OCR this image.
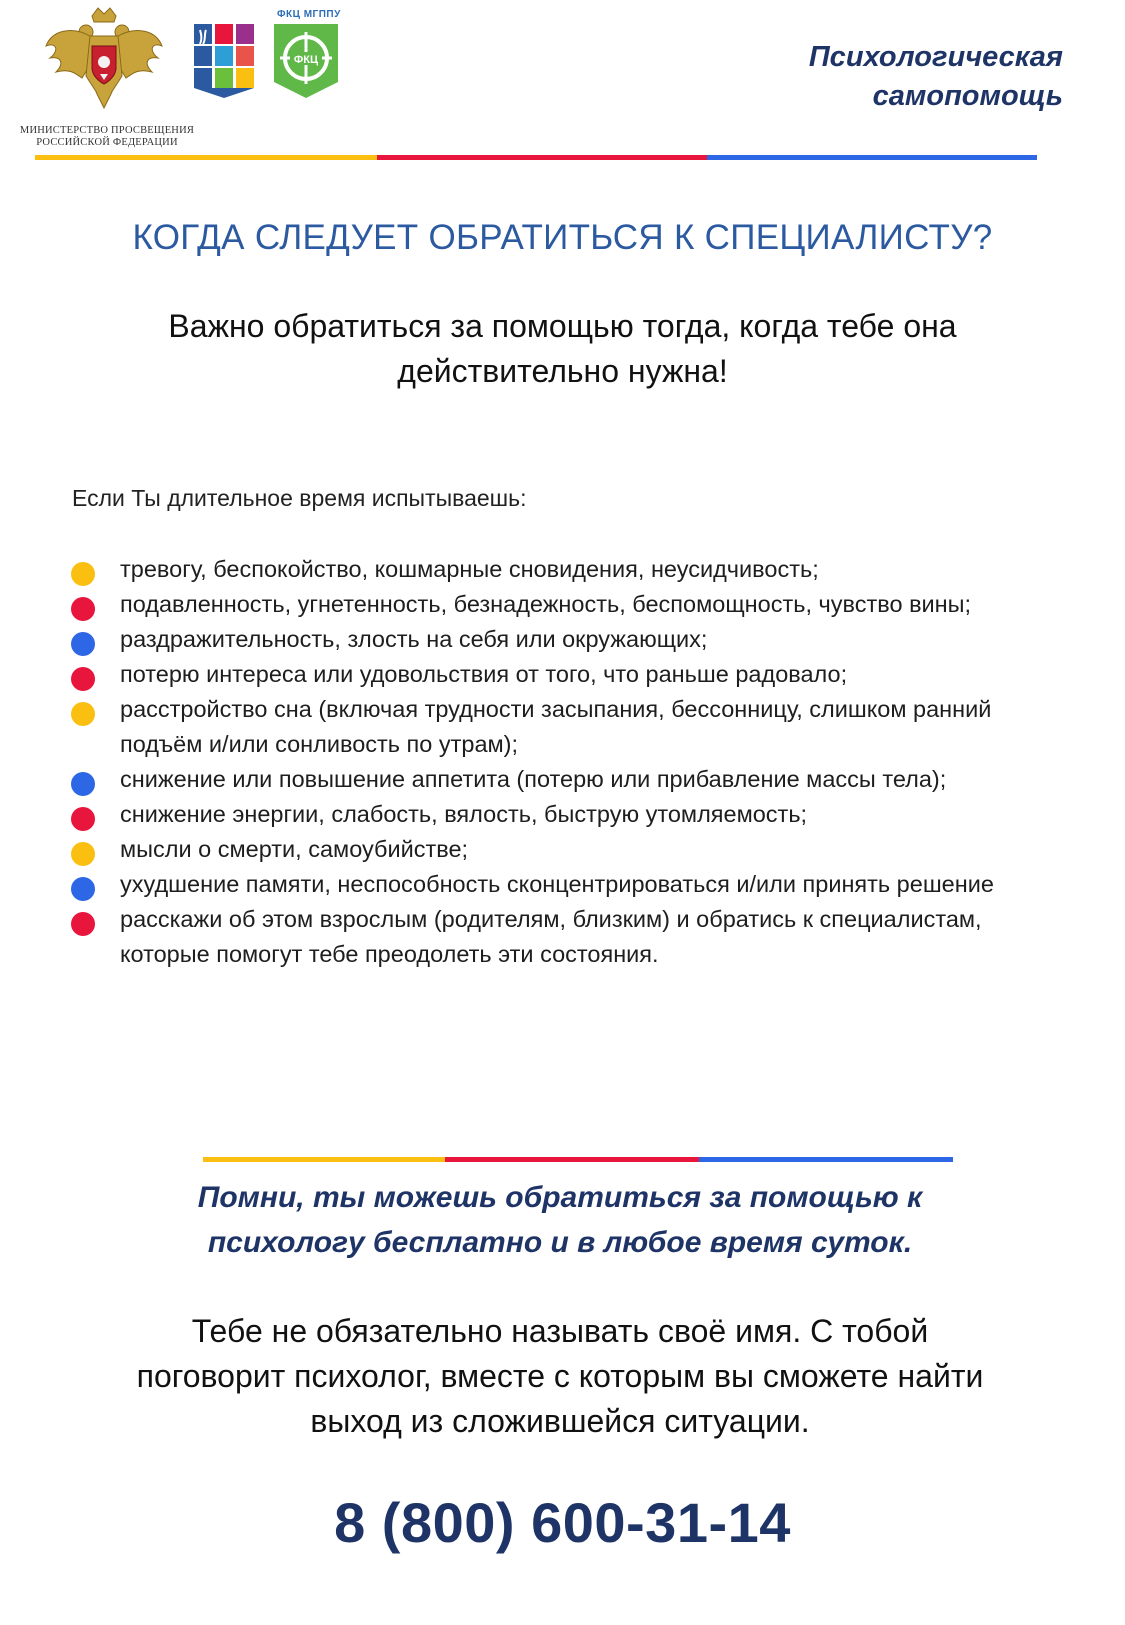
МИНИСТЕРСТВО ПРОСВЕЩЕНИЯ РОССИЙСКОЙ ФЕДЕРАЦИИ
ФКЦ МГППУ
ФКЦ	Психологическая
самопомощь
КОГДА СЛЕДУЕТ ОБРАТИТЬСЯ К СПЕЦИАЛИСТУ?
Важно обратиться за помощью тогда, когда тебе она действительно нужна!
Если Ты длительное время испытываешь:
тревогу, беспокойство, кошмарные сновидения, неусидчивость;
подавленность, угнетенность, безнадежность, беспомощность, чувство вины;
раздражительность, злость на себя или окружающих;
потерю интереса или удовольствия от того, что раньше радовало;
расстройство сна (включая трудности засыпания, бессонницу, слишком ранний подъём и/или сонливость по утрам);
снижение или повышение аппетита (потерю или прибавление массы тела);
снижение энергии, слабость, вялость, быструю утомляемость;
мысли о смерти, самоубийстве;
ухудшение памяти, неспособность сконцентрироваться и/или принять решение
расскажи об этом взрослым (родителям, близким) и обратись к специалистам, которые помогут тебе преодолеть эти состояния.
Помни, ты можешь обратиться за помощью к психологу бесплатно и в любое время суток.
Тебе не обязательно называть своё имя. С тобой поговорит психолог, вместе с которым вы сможете найти выход из сложившейся ситуации.
8 (800) 600-31-14
